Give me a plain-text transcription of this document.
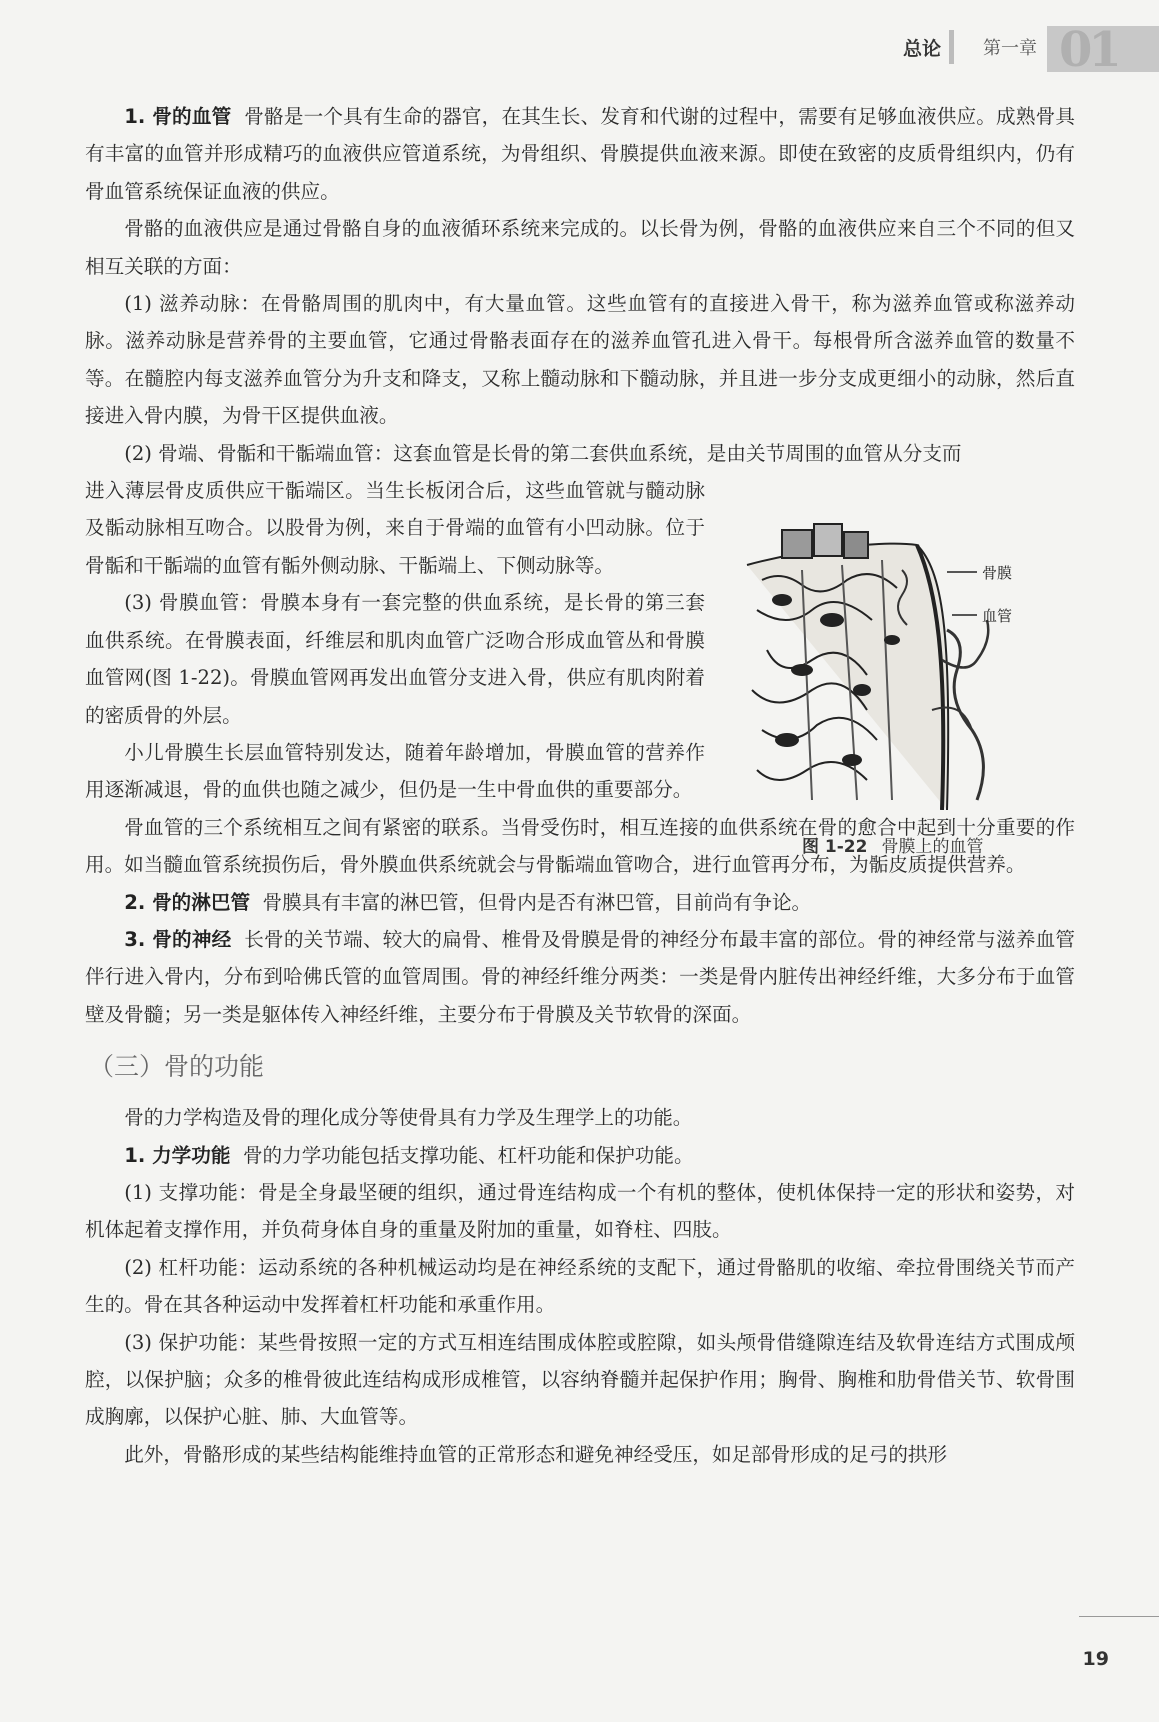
总论 第一章 01

1. 骨的血管 骨骼是一个具有生命的器官，在其生长、发育和代谢的过程中，需要有足够血液供应。成熟骨具有丰富的血管并形成精巧的血液供应管道系统，为骨组织、骨膜提供血液来源。即使在致密的皮质骨组织内，仍有骨血管系统保证血液的供应。

骨骼的血液供应是通过骨骼自身的血液循环系统来完成的。以长骨为例，骨骼的血液供应来自三个不同的但又相互关联的方面：

(1) 滋养动脉：在骨骼周围的肌肉中，有大量血管。这些血管有的直接进入骨干，称为滋养血管或称滋养动脉。滋养动脉是营养骨的主要血管，它通过骨骼表面存在的滋养血管孔进入骨干。每根骨所含滋养血管的数量不等。在髓腔内每支滋养血管分为升支和降支，又称上髓动脉和下髓动脉，并且进一步分支成更细小的动脉，然后直接进入骨内膜，为骨干区提供血液。

(2) 骨端、骨骺和干骺端血管：这套血管是长骨的第二套供血系统，是由关节周围的血管从分支而

进入薄层骨皮质供应干骺端区。当生长板闭合后，这些血管就与髓动脉及骺动脉相互吻合。以股骨为例，来自于骨端的血管有小凹动脉。位于骨骺和干骺端的血管有骺外侧动脉、干骺端上、下侧动脉等。

(3) 骨膜血管：骨膜本身有一套完整的供血系统，是长骨的第三套血供系统。在骨膜表面，纤维层和肌肉血管广泛吻合形成血管丛和骨膜血管网(图 1-22)。骨膜血管网再发出血管分支进入骨，供应有肌肉附着的密质骨的外层。

小儿骨膜生长层血管特别发达，随着年龄增加，骨膜血管的营养作用逐渐减退，骨的血供也随之减少，但仍是一生中骨血供的重要部分。

骨血管的三个系统相互之间有紧密的联系。当骨受伤时，相互连接的血供系统在骨的愈合中起到十分重要的作用。如当髓血管系统损伤后，骨外膜血供系统就会与骨骺端血管吻合，进行血管再分布，为骺皮质提供营养。

2. 骨的淋巴管 骨膜具有丰富的淋巴管，但骨内是否有淋巴管，目前尚有争论。

3. 骨的神经 长骨的关节端、较大的扁骨、椎骨及骨膜是骨的神经分布最丰富的部位。骨的神经常与滋养血管伴行进入骨内，分布到哈佛氏管的血管周围。骨的神经纤维分两类：一类是骨内脏传出神经纤维，大多分布于血管壁及骨髓；另一类是躯体传入神经纤维，主要分布于骨膜及关节软骨的深面。

（三）骨的功能

骨的力学构造及骨的理化成分等使骨具有力学及生理学上的功能。

1. 力学功能 骨的力学功能包括支撑功能、杠杆功能和保护功能。

(1) 支撑功能：骨是全身最坚硬的组织，通过骨连结构成一个有机的整体，使机体保持一定的形状和姿势，对机体起着支撑作用，并负荷身体自身的重量及附加的重量，如脊柱、四肢。

(2) 杠杆功能：运动系统的各种机械运动均是在神经系统的支配下，通过骨骼肌的收缩、牵拉骨围绕关节而产生的。骨在其各种运动中发挥着杠杆功能和承重作用。

(3) 保护功能：某些骨按照一定的方式互相连结围成体腔或腔隙，如头颅骨借缝隙连结及软骨连结方式围成颅腔，以保护脑；众多的椎骨彼此连结构成形成椎管，以容纳脊髓并起保护作用；胸骨、胸椎和肋骨借关节、软骨围成胸廓，以保护心脏、肺、大血管等。

此外，骨骼形成的某些结构能维持血管的正常形态和避免神经受压，如足部骨形成的足弓的拱形

骨膜
血管
图 1-22 骨膜上的血管
19
